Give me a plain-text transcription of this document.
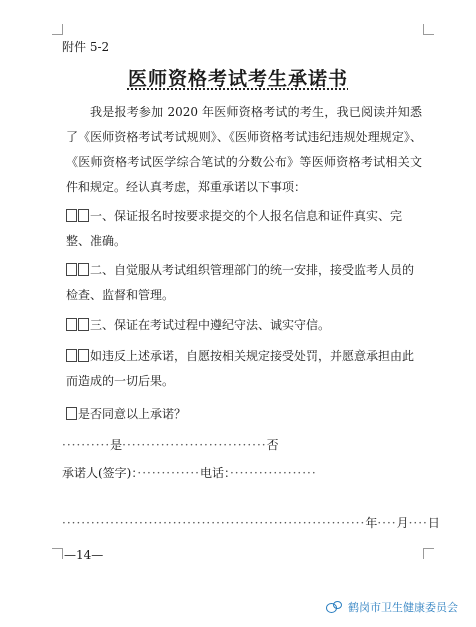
附件 5-2
医师资格考试考生承诺书
我是报考参加 2020 年医师资格考试的考生，我已阅读并知悉了《医师资格考试考试规则》、《医师资格考试违纪违规处理规定》、《医师资格考试医学综合笔试的分数公布》等医师资格考试相关文件和规定。经认真考虑，郑重承诺以下事项：
一、保证报名时按要求提交的个人报名信息和证件真实、完整、准确。
二、自觉服从考试组织管理部门的统一安排，接受监考人员的检查、监督和管理。
三、保证在考试过程中遵纪守法、诚实守信。
如违反上述承诺，自愿按相关规定接受处罚，并愿意承担由此而造成的一切后果。
是否同意以上承诺？
··········是······························否
承诺人(签字)：·············电话：··················
·······························································年····月····日
—14—
鹤岗市卫生健康委员会
